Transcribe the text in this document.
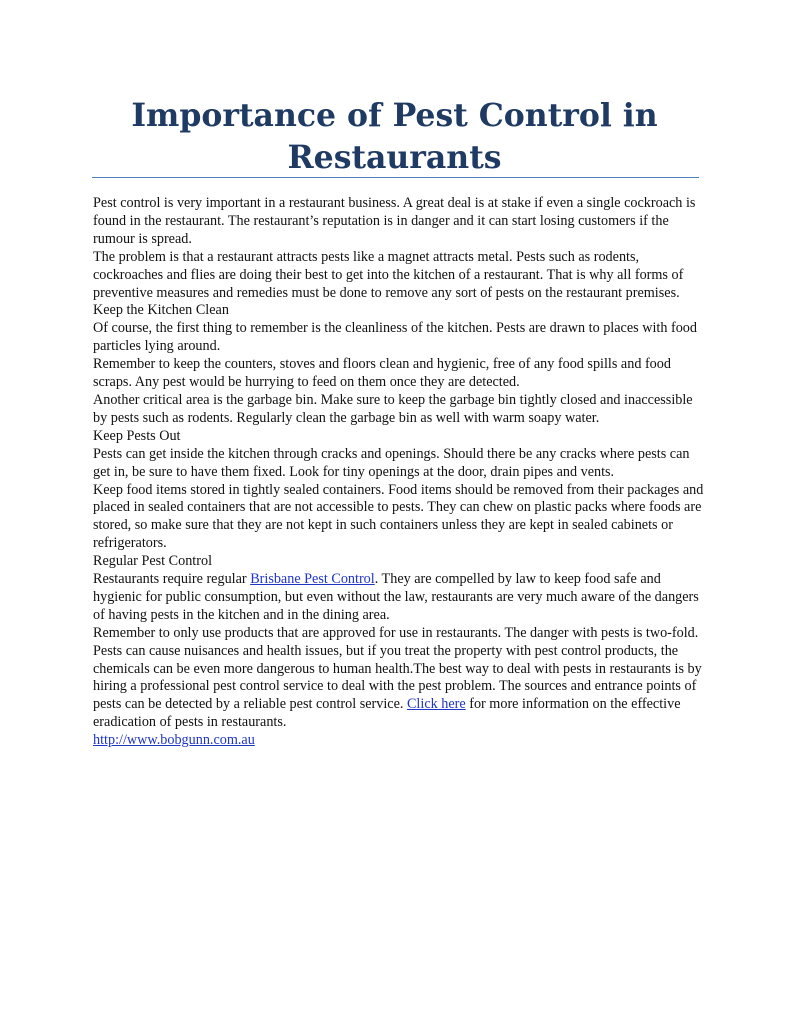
Importance of Pest Control in
Restaurants

Pest control is very important in a restaurant business. A great deal is at stake if even a single cockroach is found in the restaurant. The restaurant’s reputation is in danger and it can start losing customers if the rumour is spread.

The problem is that a restaurant attracts pests like a magnet attracts metal. Pests such as rodents, cockroaches and flies are doing their best to get into the kitchen of a restaurant. That is why all forms of preventive measures and remedies must be done to remove any sort of pests on the restaurant premises.

Keep the Kitchen Clean

Of course, the first thing to remember is the cleanliness of the kitchen. Pests are drawn to places with food particles lying around.

Remember to keep the counters, stoves and floors clean and hygienic, free of any food spills and food scraps. Any pest would be hurrying to feed on them once they are detected.

Another critical area is the garbage bin. Make sure to keep the garbage bin tightly closed and inaccessible by pests such as rodents. Regularly clean the garbage bin as well with warm soapy water.

Keep Pests Out

Pests can get inside the kitchen through cracks and openings. Should there be any cracks where pests can get in, be sure to have them fixed. Look for tiny openings at the door, drain pipes and vents.

Keep food items stored in tightly sealed containers. Food items should be removed from their packages and placed in sealed containers that are not accessible to pests. They can chew on plastic packs where foods are stored, so make sure that they are not kept in such containers unless they are kept in sealed cabinets or refrigerators.

Regular Pest Control

Restaurants require regular Brisbane Pest Control. They are compelled by law to keep food safe and hygienic for public consumption, but even without the law, restaurants are very much aware of the dangers of having pests in the kitchen and in the dining area.

Remember to only use products that are approved for use in restaurants. The danger with pests is two-fold. Pests can cause nuisances and health issues, but if you treat the property with pest control products, the chemicals can be even more dangerous to human health.The best way to deal with pests in restaurants is by hiring a professional pest control service to deal with the pest problem. The sources and entrance points of pests can be detected by a reliable pest control service. Click here for more information on the effective eradication of pests in restaurants.

http://www.bobgunn.com.au
